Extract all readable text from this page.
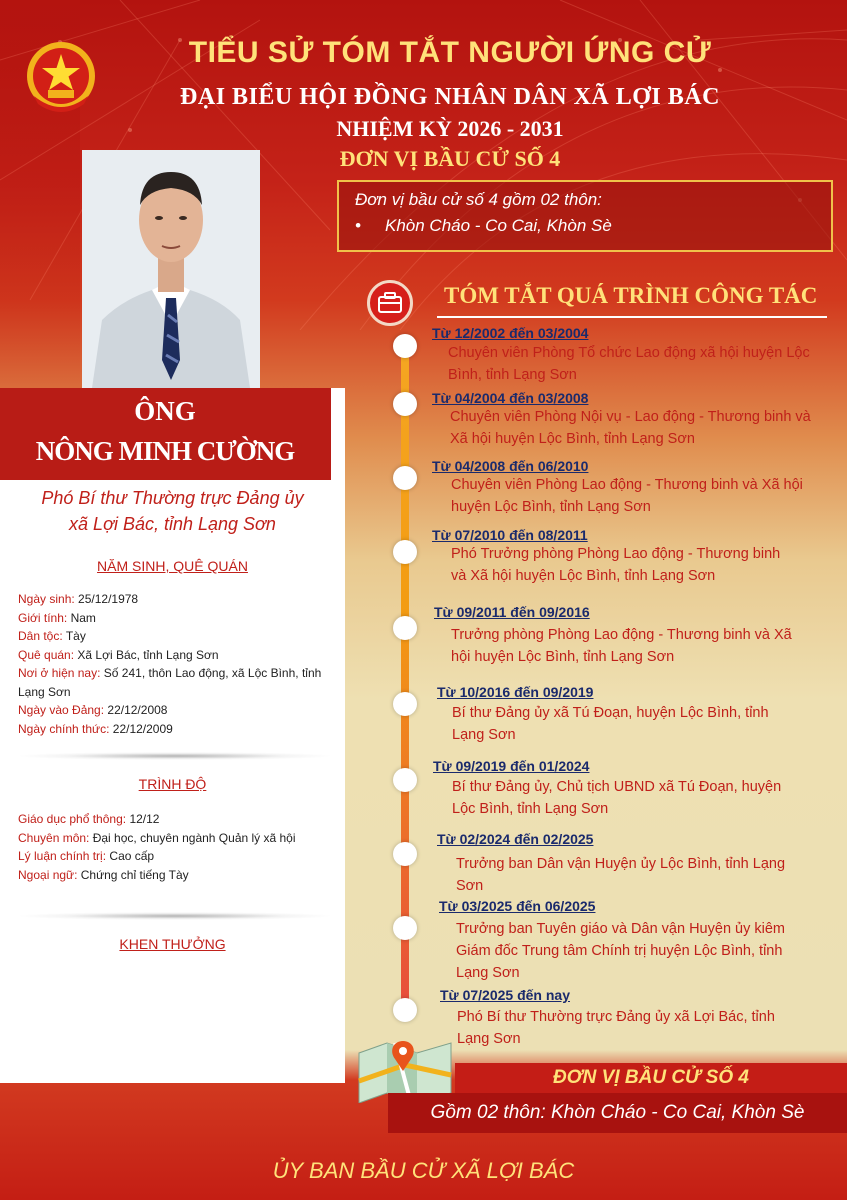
TIỂU SỬ TÓM TẮT NGƯỜI ỨNG CỬ
ĐẠI BIỂU HỘI ĐỒNG NHÂN DÂN XÃ LỢI BÁC
NHIỆM KỲ 2026 - 2031
ĐƠN VỊ BẦU CỬ SỐ 4
Đơn vị bầu cử số 4 gồm 02 thôn:
• Khòn Cháo - Co Cai, Khòn Sè
ÔNG
NÔNG MINH CƯỜNG
Phó Bí thư Thường trực Đảng ủy
xã Lợi Bác, tỉnh Lạng Sơn
NĂM SINH, QUÊ QUÁN
Ngày sinh: 25/12/1978
Giới tính: Nam
Dân tộc: Tày
Quê quán: Xã Lợi Bác, tỉnh Lạng Sơn
Nơi ở hiện nay: Số 241, thôn Lao động, xã Lộc Bình, tỉnh Lạng Sơn
Ngày vào Đảng: 22/12/2008
Ngày chính thức: 22/12/2009
TRÌNH ĐỘ
Giáo dục phổ thông: 12/12
Chuyên môn: Đại học, chuyên ngành Quản lý xã hội
Lý luận chính trị: Cao cấp
Ngoại ngữ: Chứng chỉ tiếng Tày
KHEN THƯỞNG
TÓM TẮT QUÁ TRÌNH CÔNG TÁC
Từ 12/2002 đến 03/2004
Chuyên viên Phòng Tổ chức Lao động xã hội huyện Lộc
Bình, tỉnh Lạng Sơn
Từ 04/2004 đến 03/2008
Chuyên viên Phòng Nội vụ - Lao động - Thương binh và
Xã hội huyện Lộc Bình, tỉnh Lạng Sơn
Từ 04/2008 đến 06/2010
Chuyên viên Phòng Lao động - Thương binh và Xã hội
huyện Lộc Bình, tỉnh Lạng Sơn
Từ 07/2010 đến 08/2011
Phó Trưởng phòng Phòng Lao động - Thương binh
và Xã hội huyện Lộc Bình, tỉnh Lạng Sơn
Từ 09/2011 đến 09/2016
Trưởng phòng Phòng Lao động - Thương binh và Xã
hội huyện Lộc Bình, tỉnh Lạng Sơn
Từ 10/2016 đến 09/2019
Bí thư Đảng ủy xã Tú Đoạn, huyện Lộc Bình, tỉnh
Lạng Sơn
Từ 09/2019 đến 01/2024
Bí thư Đảng ủy, Chủ tịch UBND xã Tú Đoạn, huyện
Lộc Bình, tỉnh Lạng Sơn
Từ 02/2024 đến 02/2025
Trưởng ban Dân vận Huyện ủy Lộc Bình, tỉnh Lạng
Sơn
Từ 03/2025 đến 06/2025
Trưởng ban Tuyên giáo và Dân vận Huyện ủy kiêm
Giám đốc Trung tâm Chính trị huyện Lộc Bình, tỉnh
Lạng Sơn
Từ 07/2025 đến nay
Phó Bí thư Thường trực Đảng ủy xã Lợi Bác, tỉnh
Lạng Sơn
ĐƠN VỊ BẦU CỬ SỐ 4
Gồm 02 thôn: Khòn Cháo - Co Cai, Khòn Sè
ỦY BAN BẦU CỬ XÃ LỢI BÁC
